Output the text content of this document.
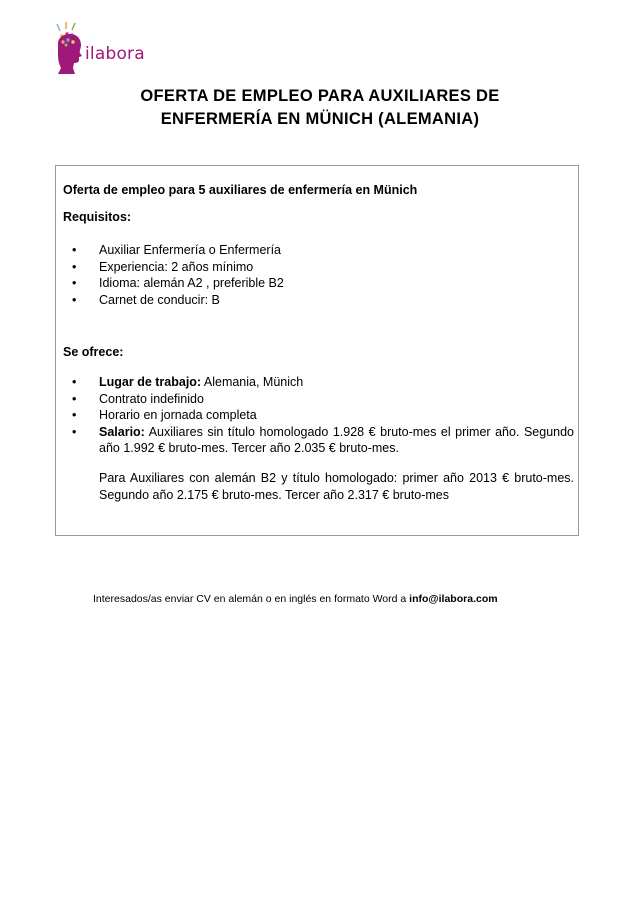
ilabora
OFERTA DE EMPLEO PARA AUXILIARES DE
ENFERMERÍA EN MÜNICH (ALEMANIA)
Oferta de empleo para 5 auxiliares de enfermería en Münich
Requisitos:
• Auxiliar Enfermería o Enfermería
• Experiencia: 2 años mínimo
• Idioma: alemán A2 , preferible B2
• Carnet de conducir: B
Se ofrece:
• Lugar de trabajo: Alemania, Münich
• Contrato indefinido
• Horario en jornada completa
• Salario: Auxiliares sin título homologado 1.928 € bruto-mes el primer año. Segundo año 1.992 € bruto-mes. Tercer año 2.035 € bruto-mes.
Para Auxiliares con alemán B2 y título homologado: primer año 2013 € bruto-mes. Segundo año 2.175 € bruto-mes. Tercer año 2.317 € bruto-mes
Interesados/as enviar CV en alemán o en inglés en formato Word a info@ilabora.com
